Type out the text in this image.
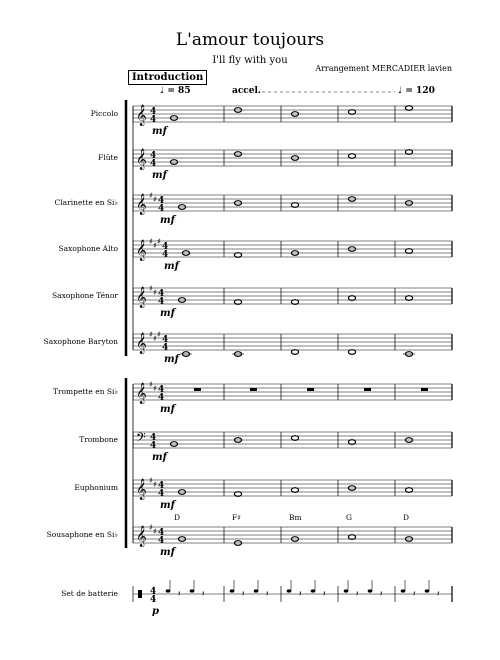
L'amour toujours
I'll fly with you
Arrangement MERCADIER lavien
Introduction
♩ = 85	accel.	♩ = 120
Piccolo
Flûte
Clarinette en Si♭
Saxophone Alto
Saxophone Ténor
Saxophone Baryton
Trompette en Si♭
Trombone
Euphonium
Sousaphone en Si♭
Set de batterie
D	F♯	Bm	G	D
𝄞 4
4
mf
𝄞 4
4
mf
𝄞 ♯ ♯ 4
4
mf
𝄞 ♯ ♯ ♯
4
4
mf
𝄞 ♯ ♯ 4
4
mf
𝄞 ♯ ♯ ♯
4
4
mf
𝄞 ♯ ♯ 4
4
mf
𝄢 4
4
mf
𝄞 ♯ ♯ 4
4
mf
𝄞 ♯ ♯ 4
4
mf
4
4
p
𝄽	𝄽	𝄽	𝄽	𝄽	𝄽	𝄽	𝄽	𝄽	𝄽
